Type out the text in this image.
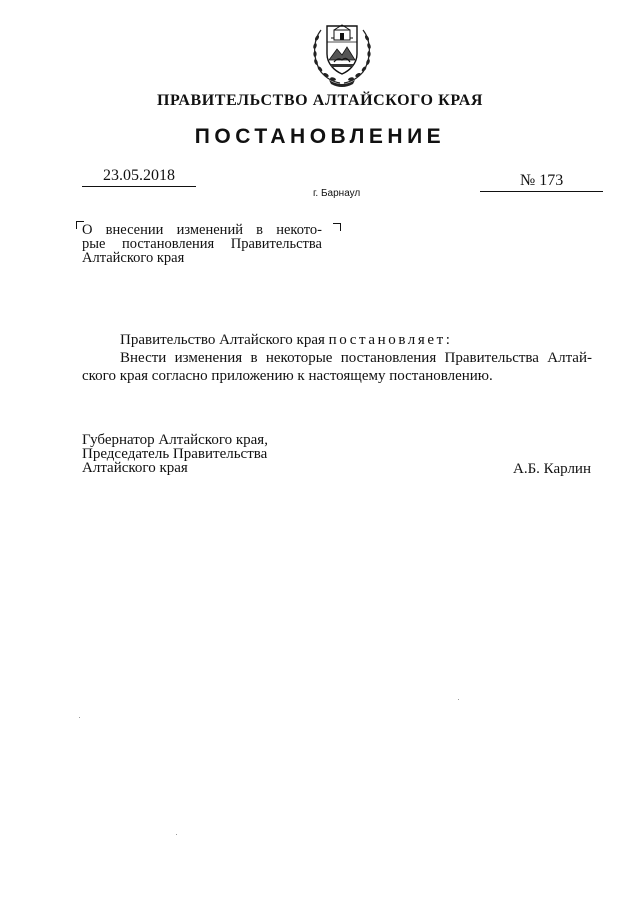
ПРАВИТЕЛЬСТВО АЛТАЙСКОГО КРАЯ
ПОСТАНОВЛЕНИЕ
23.05.2018	№ 173
г. Барнаул
О внесении изменений в некото-
рые постановления Правительства
Алтайского края
Правительство Алтайского края постановляет:
Внести изменения в некоторые постановления Правительства Алтай-
ского края согласно приложению к настоящему постановлению.
Губернатор Алтайского края,
Председатель Правительства
Алтайского края	А.Б. Карлин
